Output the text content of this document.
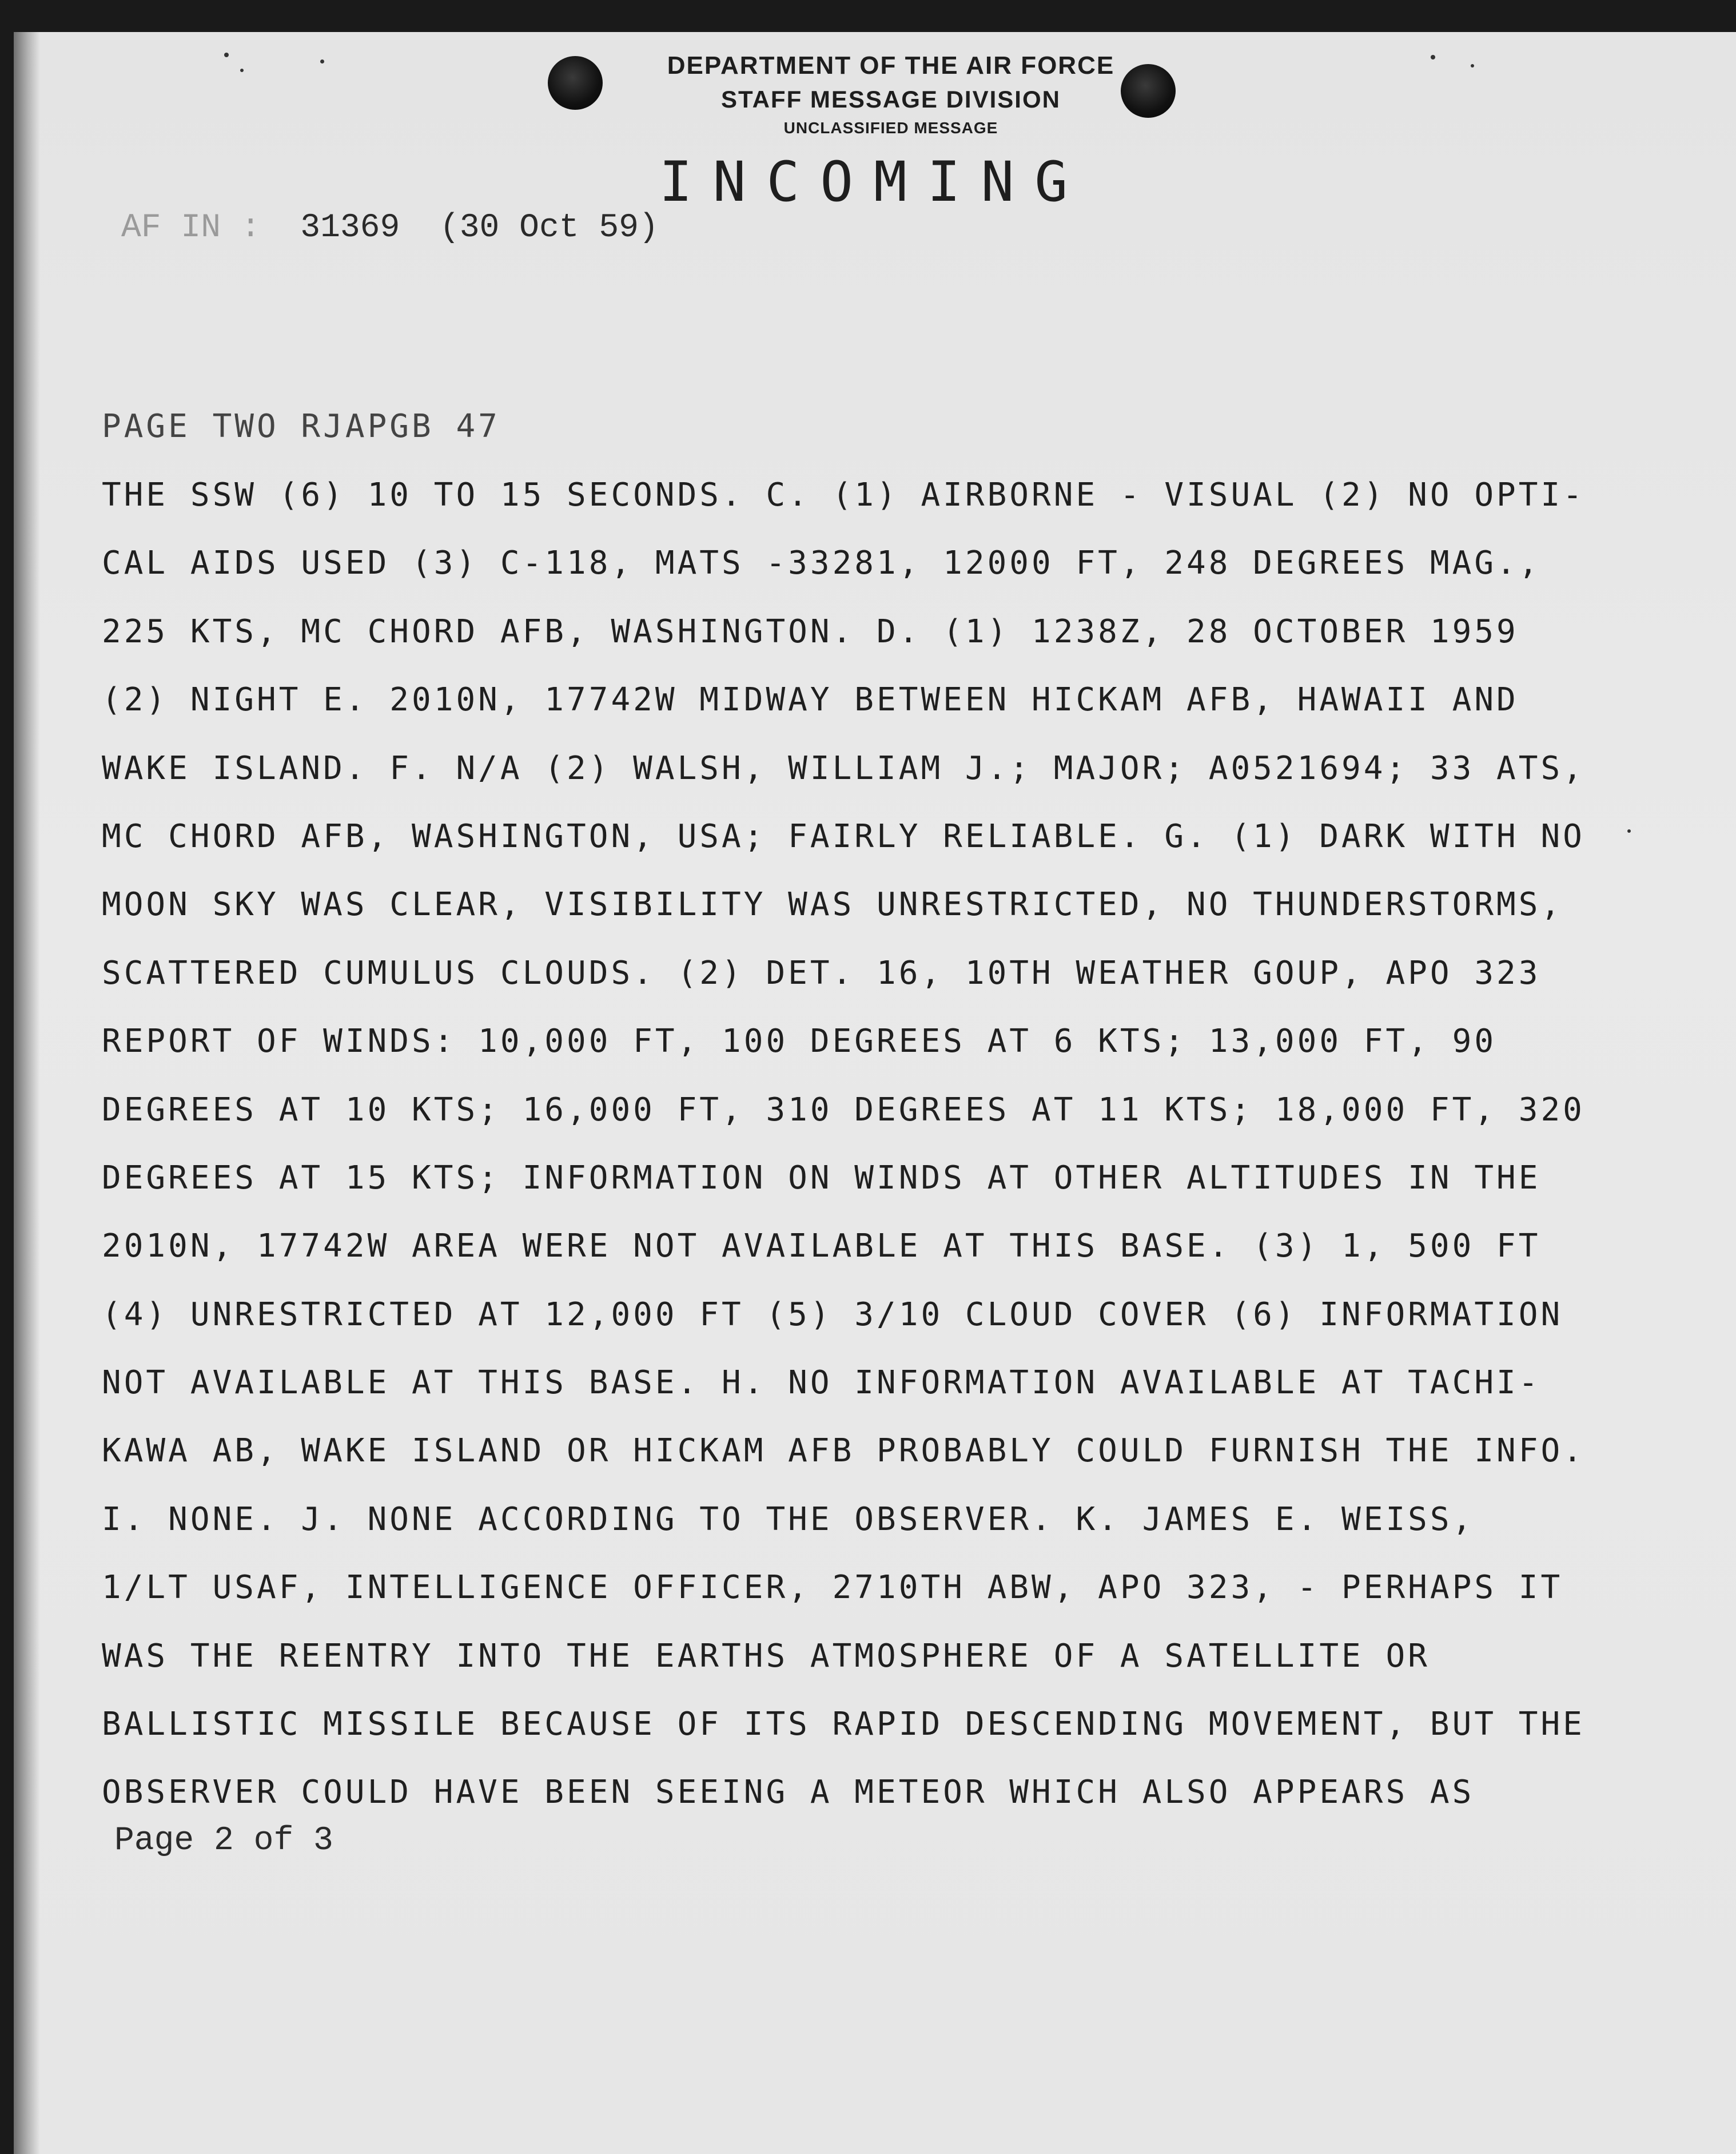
DEPARTMENT OF THE AIR FORCE
STAFF MESSAGE DIVISION
UNCLASSIFIED MESSAGE
INCOMING
AF IN : 31369 (30 Oct 59)
PAGE TWO RJAPGB 47
THE SSW (6) 10 TO 15 SECONDS. C. (1) AIRBORNE - VISUAL (2) NO OPTI-
CAL AIDS USED (3) C-118, MATS -33281, 12000 FT, 248 DEGREES MAG.,
225 KTS, MC CHORD AFB, WASHINGTON. D. (1) 1238Z, 28 OCTOBER 1959
(2) NIGHT E. 2010N, 17742W MIDWAY BETWEEN HICKAM AFB, HAWAII AND
WAKE ISLAND. F. N/A (2) WALSH, WILLIAM J.; MAJOR; A0521694; 33 ATS,
MC CHORD AFB, WASHINGTON, USA; FAIRLY RELIABLE. G. (1) DARK WITH NO
MOON SKY WAS CLEAR, VISIBILITY WAS UNRESTRICTED, NO THUNDERSTORMS,
SCATTERED CUMULUS CLOUDS. (2) DET. 16, 10TH WEATHER GOUP, APO 323
REPORT OF WINDS: 10,000 FT, 100 DEGREES AT 6 KTS; 13,000 FT, 90
DEGREES AT 10 KTS; 16,000 FT, 310 DEGREES AT 11 KTS; 18,000 FT, 320
DEGREES AT 15 KTS; INFORMATION ON WINDS AT OTHER ALTITUDES IN THE
2010N, 17742W AREA WERE NOT AVAILABLE AT THIS BASE. (3) 1, 500 FT
(4) UNRESTRICTED AT 12,000 FT (5) 3/10 CLOUD COVER (6) INFORMATION
NOT AVAILABLE AT THIS BASE. H. NO INFORMATION AVAILABLE AT TACHI-
KAWA AB, WAKE ISLAND OR HICKAM AFB PROBABLY COULD FURNISH THE INFO.
I. NONE. J. NONE ACCORDING TO THE OBSERVER. K. JAMES E. WEISS,
1/LT USAF, INTELLIGENCE OFFICER, 2710TH ABW, APO 323, - PERHAPS IT
WAS THE REENTRY INTO THE EARTHS ATMOSPHERE OF A SATELLITE OR
BALLISTIC MISSILE BECAUSE OF ITS RAPID DESCENDING MOVEMENT, BUT THE
OBSERVER COULD HAVE BEEN SEEING A METEOR WHICH ALSO APPEARS AS
Page 2 of 3
